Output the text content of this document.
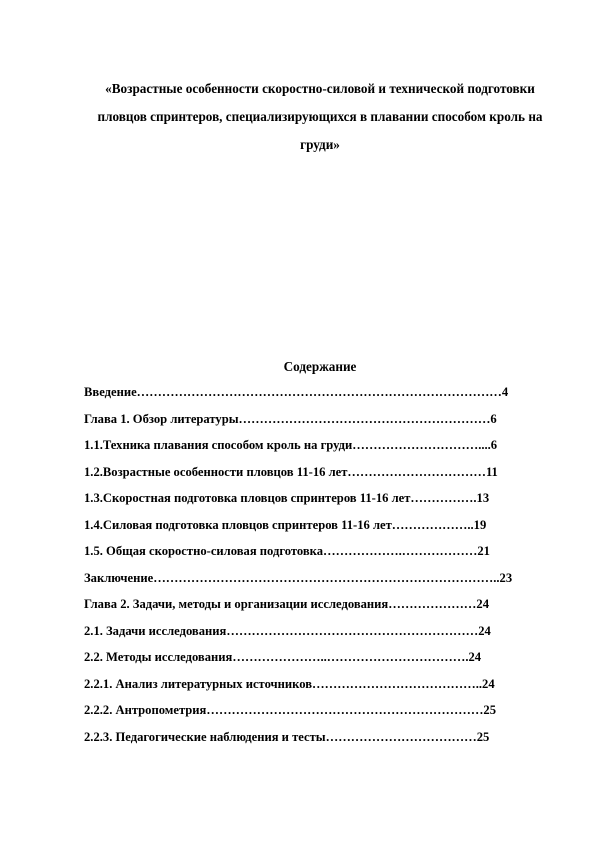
«Возрастные особенности скоростно-силовой и технической подготовки
пловцов спринтеров, специализирующихся в плавании способом кроль на
груди»
Содержание
Введение……………………………………………………………………………4
Глава 1. Обзор литературы……………………………………………………6
1.1.Техника плавания способом кроль на груди…………………………....6
1.2.Возрастные особенности пловцов 11-16 лет……………………………11
1.3.Скоростная подготовка пловцов спринтеров 11-16 лет…………….13
1.4.Силовая подготовка пловцов спринтеров 11-16 лет………………..19
1.5. Общая скоростно-силовая подготовка……………….………………21
Заключение………………………………………………………………………..23
Глава 2. Задачи, методы и организации исследования…………………24
2.1. Задачи исследования……………………………………………………24
2.2. Методы исследования…………………..…………………………….24
2.2.1. Анализ литературных источников…………………………………..24
2.2.2. Антропометрия…………………………………………………………25
2.2.3. Педагогические наблюдения и тесты………………………………25
